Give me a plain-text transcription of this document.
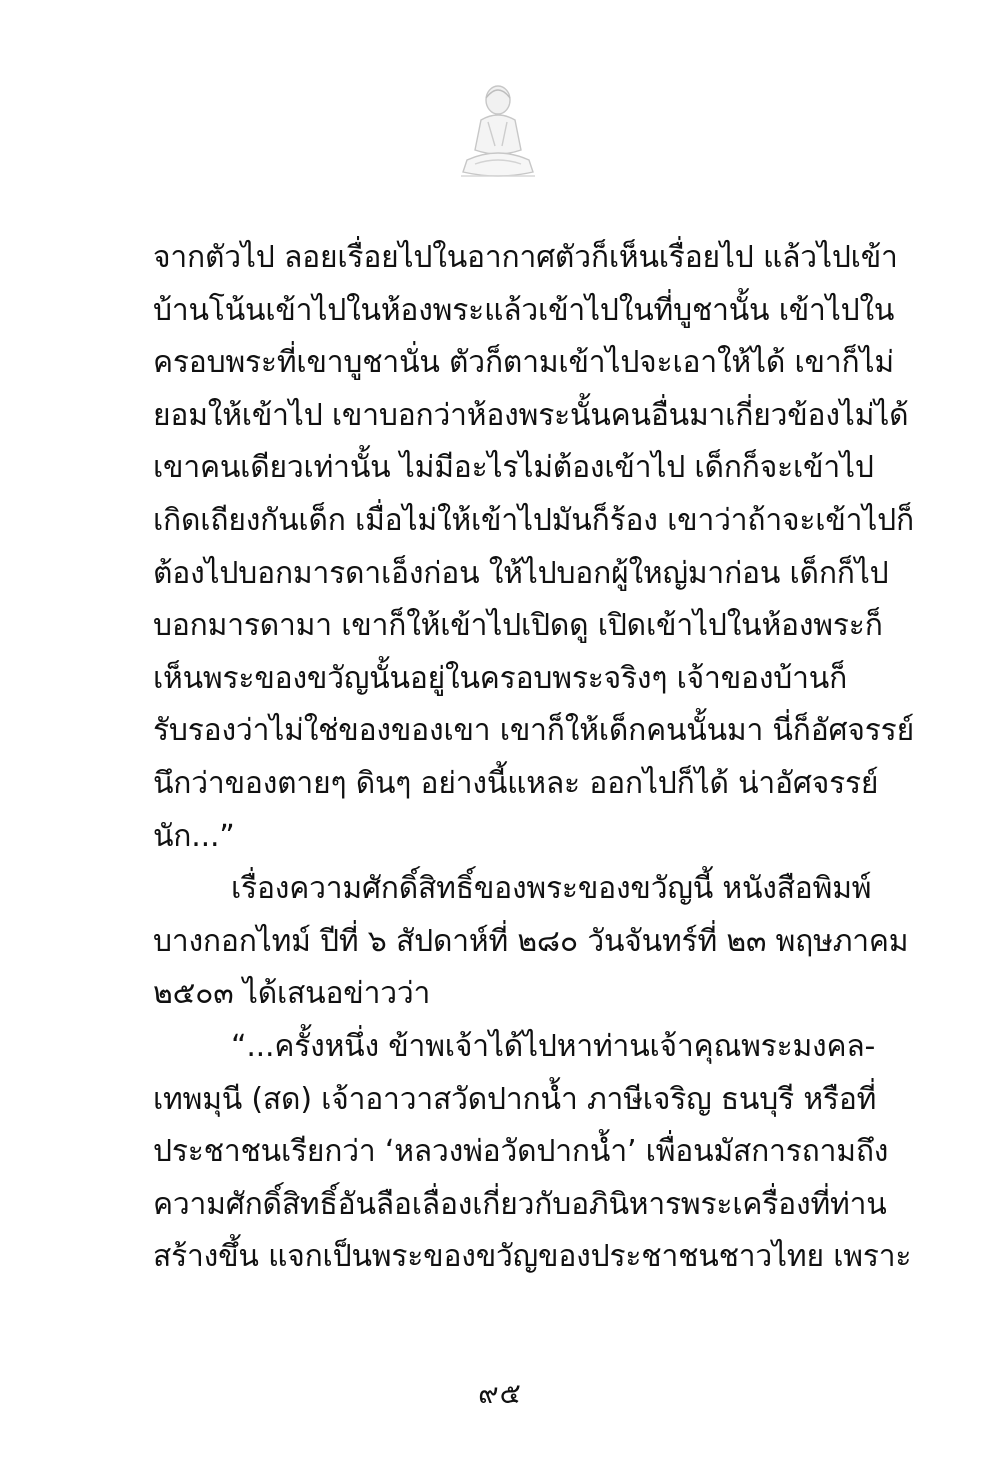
จากตัวไป ลอยเรื่อยไปในอากาศตัวก็เห็นเรื่อยไป แล้วไปเข้า
บ้านโน้นเข้าไปในห้องพระแล้วเข้าไปในที่บูชานั้น เข้าไปใน
ครอบพระที่เขาบูชานั่น ตัวก็ตามเข้าไปจะเอาให้ได้ เขาก็ไม่
ยอมให้เข้าไป เขาบอกว่าห้องพระนั้นคนอื่นมาเกี่ยวข้องไม่ได้
เขาคนเดียวเท่านั้น ไม่มีอะไรไม่ต้องเข้าไป เด็กก็จะเข้าไป
เกิดเถียงกันเด็ก เมื่อไม่ให้เข้าไปมันก็ร้อง เขาว่าถ้าจะเข้าไปก็
ต้องไปบอกมารดาเอ็งก่อน ให้ไปบอกผู้ใหญ่มาก่อน เด็กก็ไป
บอกมารดามา เขาก็ให้เข้าไปเปิดดู เปิดเข้าไปในห้องพระก็
เห็นพระของขวัญนั้นอยู่ในครอบพระจริงๆ เจ้าของบ้านก็
รับรองว่าไม่ใช่ของของเขา เขาก็ให้เด็กคนนั้นมา นี่ก็อัศจรรย์
นึกว่าของตายๆ ดินๆ อย่างนี้แหละ ออกไปก็ได้ น่าอัศจรรย์
นัก...”
เรื่องความศักดิ์สิทธิ์ของพระของขวัญนี้ หนังสือพิมพ์
บางกอกไทม์ ปีที่ ๖ สัปดาห์ที่ ๒๘๐ วันจันทร์ที่ ๒๓ พฤษภาคม
๒๕๐๓ ได้เสนอข่าวว่า
“...ครั้งหนึ่ง ข้าพเจ้าได้ไปหาท่านเจ้าคุณพระมงคล-
เทพมุนี (สด) เจ้าอาวาสวัดปากน้ำ ภาษีเจริญ ธนบุรี หรือที่
ประชาชนเรียกว่า ‘หลวงพ่อวัดปากน้ำ’ เพื่อนมัสการถามถึง
ความศักดิ์สิทธิ์อันลือเลื่องเกี่ยวกับอภินิหารพระเครื่องที่ท่าน
สร้างขึ้น แจกเป็นพระของขวัญของประชาชนชาวไทย เพราะ
๙๕
